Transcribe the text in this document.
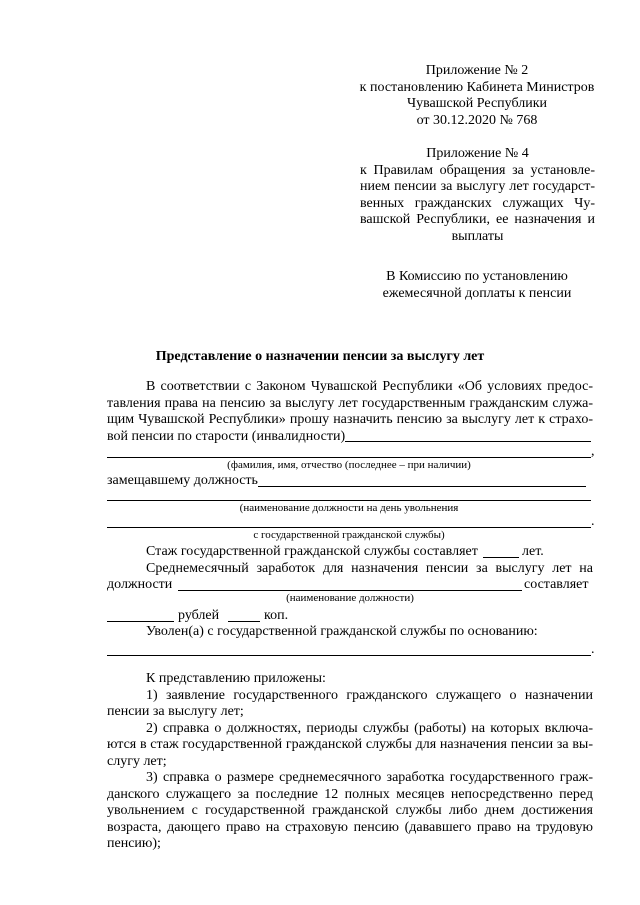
Приложение № 2
к постановлению Кабинета Министров
Чувашской Республики
от 30.12.2020 № 768
Приложение № 4
к Правилам обращения за установле-
нием пенсии за выслугу лет государст-
венных гражданских служащих Чу-
вашской Республики, ее назначения и
выплаты
В Комиссию по установлению
ежемесячной доплаты к пенсии
Представление о назначении пенсии за выслугу лет
В соответствии с Законом Чувашской Республики «Об условиях предос-
тавления права на пенсию за выслугу лет государственным гражданским служа-
щим Чувашской Республики» прошу назначить пенсию за выслугу лет к страхо-
вой пенсии по старости (инвалидности)
,
(фамилия, имя, отчество (последнее – при наличии)
замещавшему должность
(наименование должности на день увольнения
.
с государственной гражданской службы)
Стаж государственной гражданской службы составляет	лет.
Среднемесячный заработок для назначения пенсии за выслугу лет на
должности	составляет
(наименование должности)
рублей	коп.
Уволен(а) с государственной гражданской службы по основанию:
.
К представлению приложены:
1) заявление государственного гражданского служащего о назначении
пенсии за выслугу лет;
2) справка о должностях, периоды службы (работы) на которых включа-
ются в стаж государственной гражданской службы для назначения пенсии за вы-
слугу лет;
3) справка о размере среднемесячного заработка государственного граж-
данского служащего за последние 12 полных месяцев непосредственно перед
увольнением с государственной гражданской службы либо днем достижения
возраста, дающего право на страховую пенсию (дававшего право на трудовую
пенсию);
